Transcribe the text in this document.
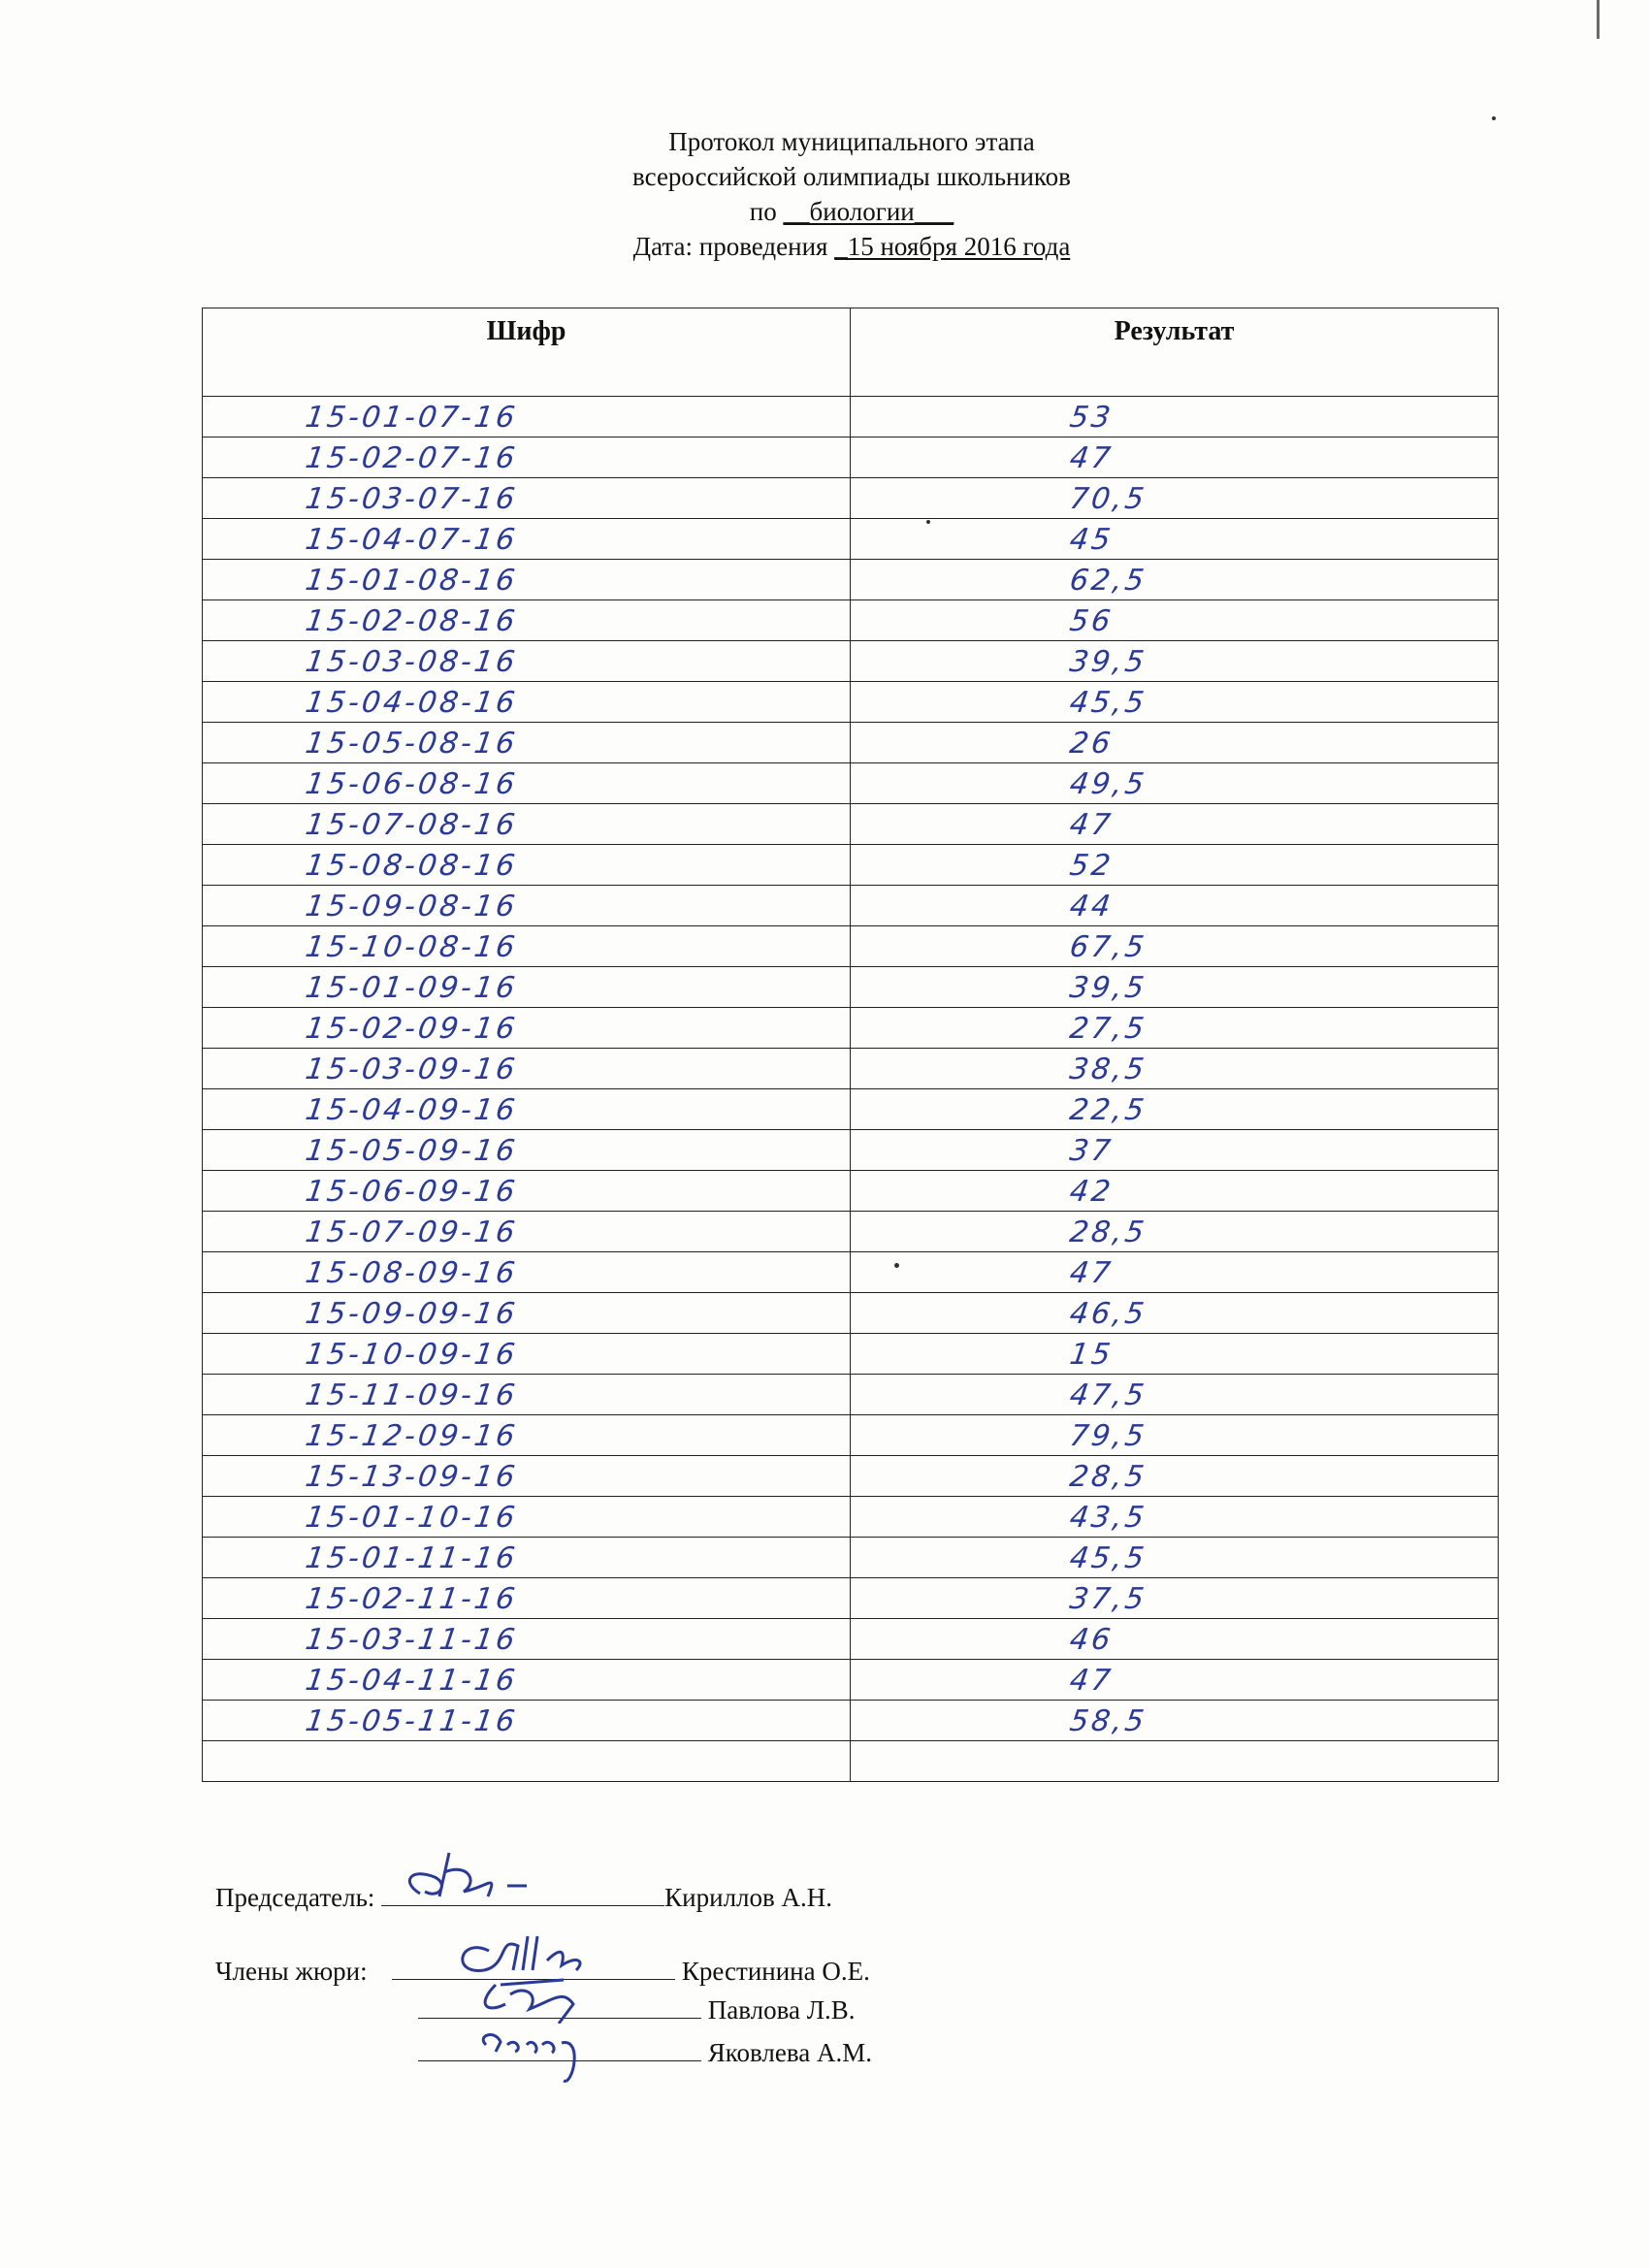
Протокол муниципального этапа
всероссийской олимпиады школьников
по __биологии___
Дата: проведения _15 ноября 2016 года
Шифр	Результат
15-01-07-16	53
15-02-07-16	47
15-03-07-16	70,5
15-04-07-16	45
15-01-08-16	62,5
15-02-08-16	56
15-03-08-16	39,5
15-04-08-16	45,5
15-05-08-16	26
15-06-08-16	49,5
15-07-08-16	47
15-08-08-16	52
15-09-08-16	44
15-10-08-16	67,5
15-01-09-16	39,5
15-02-09-16	27,5
15-03-09-16	38,5
15-04-09-16	22,5
15-05-09-16	37
15-06-09-16	42
15-07-09-16	28,5
15-08-09-16	47
15-09-09-16	46,5
15-10-09-16	15
15-11-09-16	47,5
15-12-09-16	79,5
15-13-09-16	28,5
15-01-10-16	43,5
15-01-11-16	45,5
15-02-11-16	37,5
15-03-11-16	46
15-04-11-16	47
15-05-11-16	58,5

Председатель:	Кириллов А.Н.
Члены жюри:	Крестинина О.Е.
Павлова Л.В.
Яковлева А.М.
